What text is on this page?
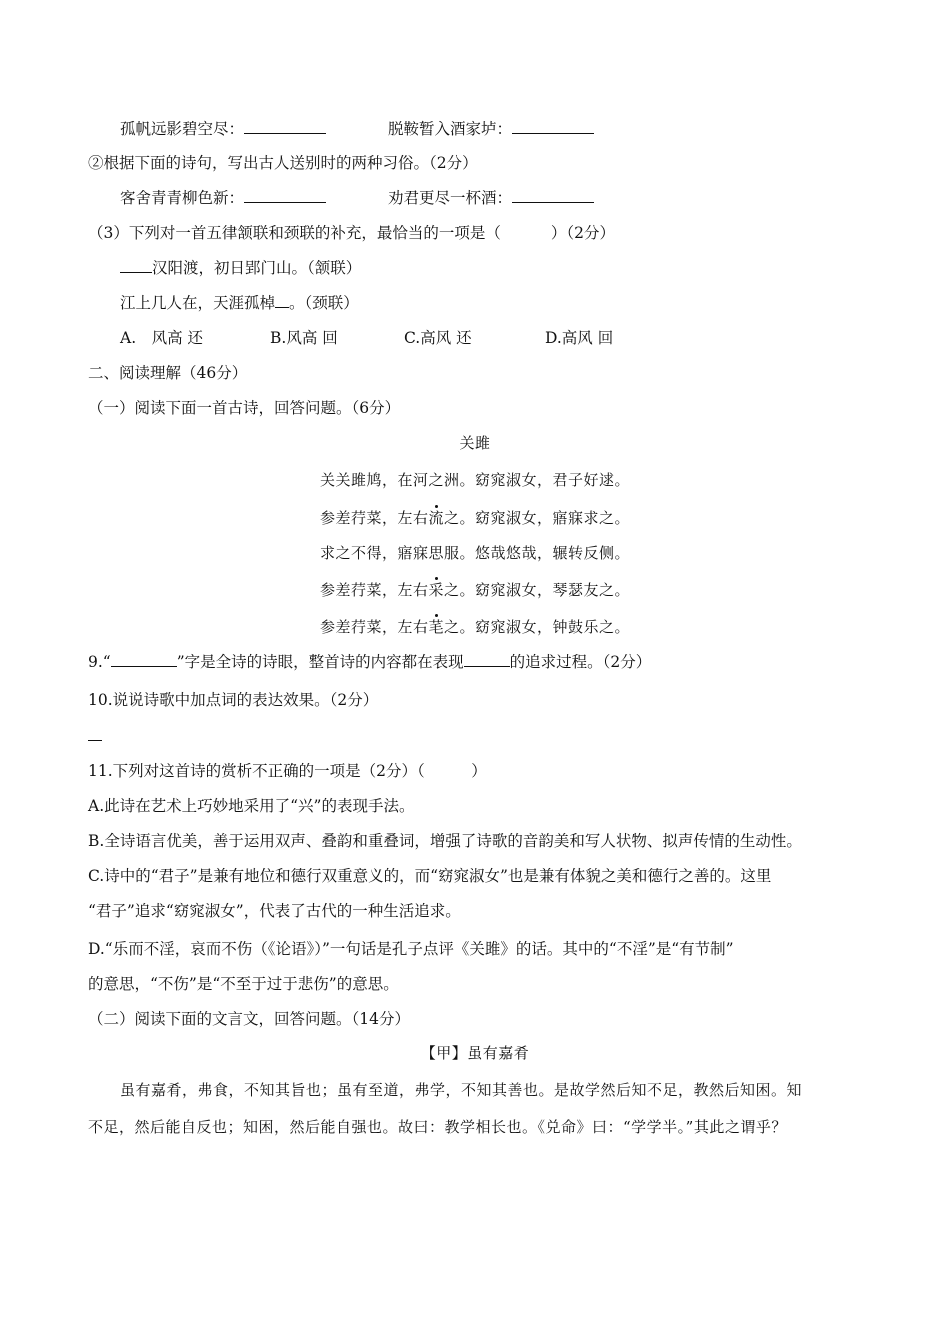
孤帆远影碧空尽：	脱鞍暂入酒家垆：
②根据下面的诗句，写出古人送别时的两种习俗。（2分）
客舍青青柳色新：	劝君更尽一杯酒：
（3）下列对一首五律颔联和颈联的补充，最恰当的一项是（	）（2分）
汉阳渡，初日郢门山。（颔联）
江上几人在，天涯孤棹 。（颈联）
A.　风高 还	B.风高 回	C.高风 还	D.高风 回
二、阅读理解（46分）
（一）阅读下面一首古诗，回答问题。（6分）
关雎
关关雎鸠，在河之洲。窈窕淑女，君子好逑。
参差荇菜，左右流之。窈窕淑女，寤寐求之。
求之不得，寤寐思服。悠哉悠哉，辗转反侧。
参差荇菜，左右采之。窈窕淑女，琴瑟友之。
参差荇菜，左右芼之。窈窕淑女，钟鼓乐之。
9.“	”字是全诗的诗眼，整首诗的内容都在表现	的追求过程。（2分）
10.说说诗歌中加点词的表达效果。（2分）
11.下列对这首诗的赏析不正确的一项是（2分）（　　　）
A.此诗在艺术上巧妙地采用了“兴”的表现手法。
B.全诗语言优美，善于运用双声、叠韵和重叠词，增强了诗歌的音韵美和写人状物、拟声传情的生动性。
C.诗中的“君子”是兼有地位和德行双重意义的，而“窈窕淑女”也是兼有体貌之美和德行之善的。这里
“君子”追求“窈窕淑女”，代表了古代的一种生活追求。
D.“乐而不淫，哀而不伤（《论语》）”一句话是孔子点评《关雎》的话。其中的“不淫”是“有节制”
的意思，“不伤”是“不至于过于悲伤”的意思。
（二）阅读下面的文言文，回答问题。（14分）
【甲】虽有嘉肴
虽有嘉肴，弗食，不知其旨也；虽有至道，弗学，不知其善也。是故学然后知不足，教然后知困。知
不足，然后能自反也；知困，然后能自强也。故曰：教学相长也。《兑命》曰：“学学半。”其此之谓乎？
